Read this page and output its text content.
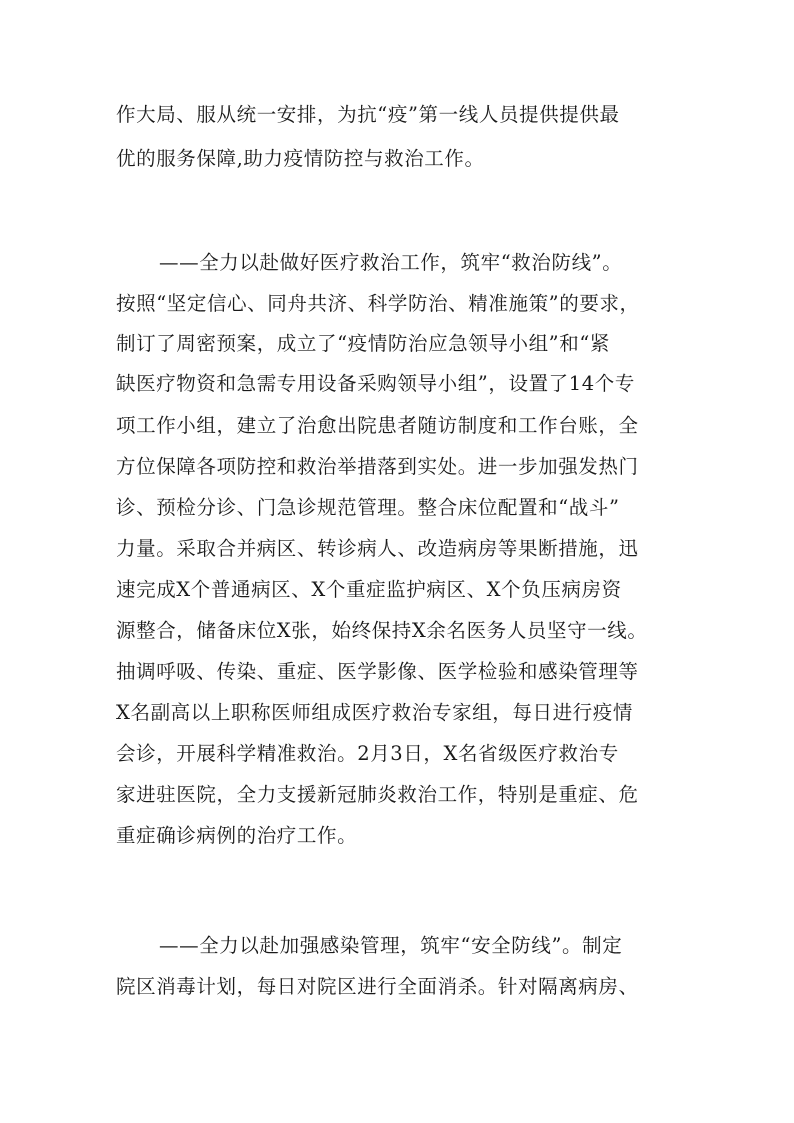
作大局、服从统一安排，为抗“疫”第一线人员提供提供最
优的服务保障,助力疫情防控与救治工作。
——全力以赴做好医疗救治工作，筑牢“救治防线”。
按照“坚定信心、同舟共济、科学防治、精准施策”的要求，
制订了周密预案，成立了“疫情防治应急领导小组”和“紧
缺医疗物资和急需专用设备采购领导小组”，设置了14个专
项工作小组，建立了治愈出院患者随访制度和工作台账，全
方位保障各项防控和救治举措落到实处。进一步加强发热门
诊、预检分诊、门急诊规范管理。整合床位配置和“战斗”
力量。采取合并病区、转诊病人、改造病房等果断措施，迅
速完成X个普通病区、X个重症监护病区、X个负压病房资
源整合，储备床位X张，始终保持X余名医务人员坚守一线。
抽调呼吸、传染、重症、医学影像、医学检验和感染管理等
X名副高以上职称医师组成医疗救治专家组，每日进行疫情
会诊，开展科学精准救治。2月3日，X名省级医疗救治专
家进驻医院，全力支援新冠肺炎救治工作，特别是重症、危
重症确诊病例的治疗工作。
——全力以赴加强感染管理，筑牢“安全防线”。制定
院区消毒计划，每日对院区进行全面消杀。针对隔离病房、
